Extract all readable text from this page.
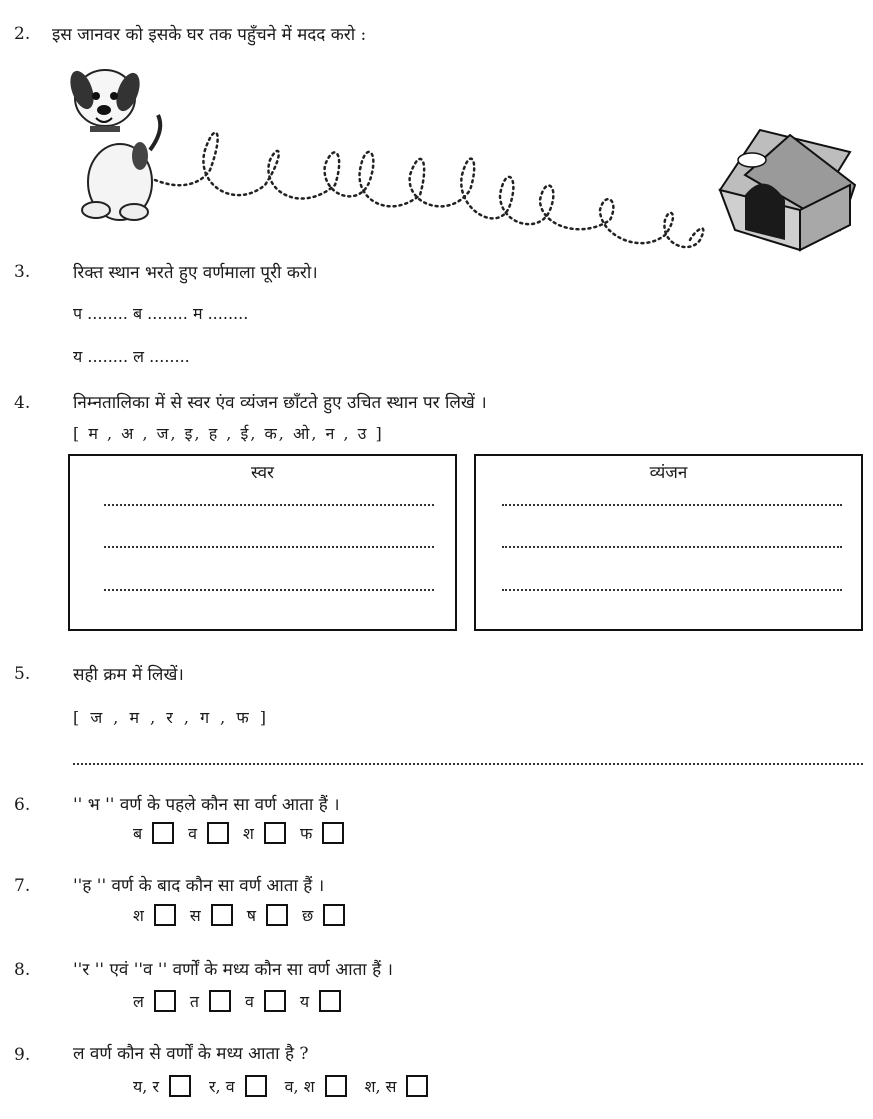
2. इस जानवर को इसके घर तक पहुँचने में मदद करो :
3.	रिक्त स्थान भरते हुए वर्णमाला पूरी करो।
प ........ ब ........ म ........
य ........ ल ........
4.	निम्नतालिका में से स्वर एंव व्यंजन छाँटते हुए उचित स्थान पर लिखें ।
[ म , अ , ज, इ, ह , ई, क, ओ, न , उ ]
स्वर	व्यंजन
5.	सही क्रम में लिखें।
[ ज , म , र , ग , फ ]
6.	'' भ '' वर्ण के पहले कौन सा वर्ण आता हैं ।
ब	व	श	फ
7.	''ह '' वर्ण के बाद कौन सा वर्ण आता हैं ।
श	स	ष	छ
8.	''र '' एवं ''व '' वर्णों के मध्य कौन सा वर्ण आता हैं ।
ल	त	व	य
9.	ल वर्ण कौन से वर्णों के मध्य आता है ?
य, र	र, व	व, श	श, स
